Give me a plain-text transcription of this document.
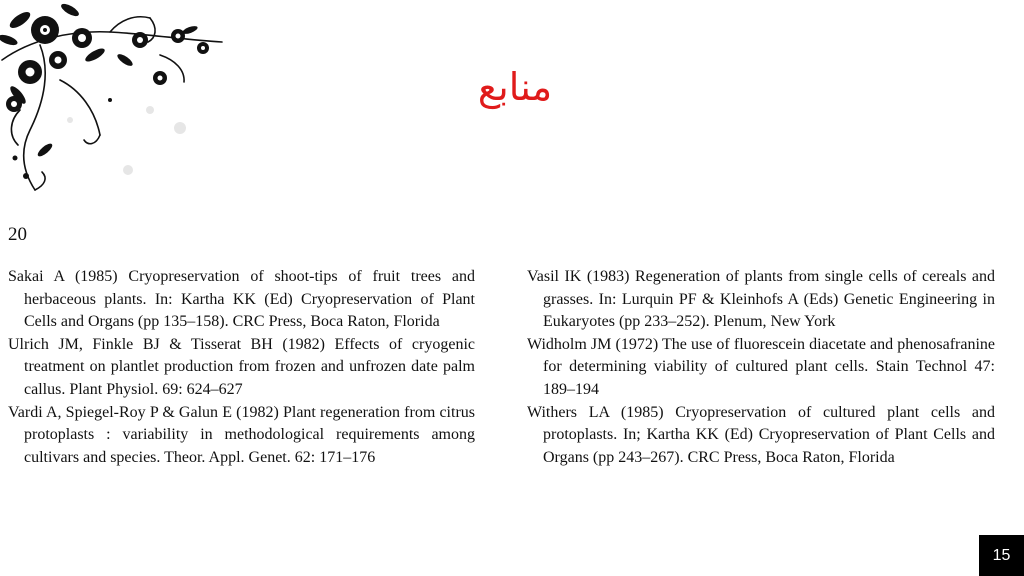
منابع
20

Sakai A (1985) Cryopreservation of shoot-tips of fruit trees and herbaceous plants. In: Kartha KK (Ed) Cryopreservation of Plant Cells and Organs (pp 135–158). CRC Press, Boca Raton, Florida

Ulrich JM, Finkle BJ & Tisserat BH (1982) Effects of cryogenic treatment on plantlet production from frozen and unfrozen date palm callus. Plant Physiol. 69: 624–627

Vardi A, Spiegel-Roy P & Galun E (1982) Plant regeneration from citrus protoplasts : variability in methodological requirements among cultivars and species. Theor. Appl. Genet. 62: 171–176

Vasil IK (1983) Regeneration of plants from single cells of cereals and grasses. In: Lurquin PF & Kleinhofs A (Eds) Genetic Engineering in Eukaryotes (pp 233–252). Plenum, New York

Widholm JM (1972) The use of fluorescein diacetate and phenosafranine for determining viability of cultured plant cells. Stain Technol 47: 189–194

Withers LA (1985) Cryopreservation of cultured plant cells and protoplasts. In; Kartha KK (Ed) Cryopreservation of Plant Cells and Organs (pp 243–267). CRC Press, Boca Raton, Florida

15
